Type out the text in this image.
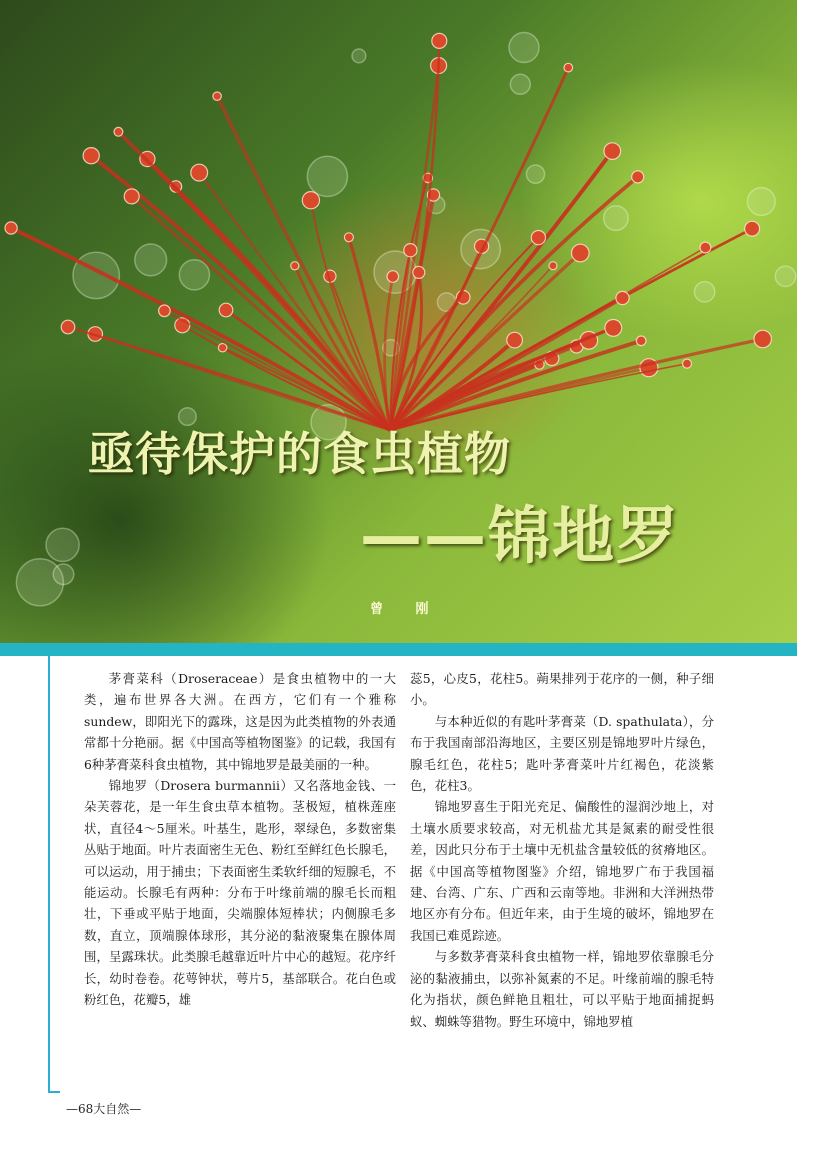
亟待保护的食虫植物
——锦地罗
曾 刚

茅膏菜科（Droseraceae）是食虫植物中的一大类，遍布世界各大洲。在西方，它们有一个雅称sundew，即阳光下的露珠，这是因为此类植物的外表通常都十分艳丽。据《中国高等植物图鉴》的记载，我国有6种茅膏菜科食虫植物，其中锦地罗是最美丽的一种。

锦地罗（Drosera burmannii）又名落地金钱、一朵芙蓉花，是一年生食虫草本植物。茎极短，植株莲座状，直径4～5厘米。叶基生，匙形，翠绿色，多数密集丛贴于地面。叶片表面密生无色、粉红至鲜红色长腺毛，可以运动，用于捕虫；下表面密生柔软纤细的短腺毛，不能运动。长腺毛有两种：分布于叶缘前端的腺毛长而粗壮，下垂或平贴于地面，尖端腺体短棒状；内侧腺毛多数，直立，顶端腺体球形，其分泌的黏液聚集在腺体周围，呈露珠状。此类腺毛越靠近叶片中心的越短。花序纤长，幼时卷卷。花萼钟状，萼片5，基部联合。花白色或粉红色，花瓣5，雄

蕊5，心皮5，花柱5。蒴果排列于花序的一侧，种子细小。

与本种近似的有匙叶茅膏菜（D. spathulata），分布于我国南部沿海地区，主要区别是锦地罗叶片绿色，腺毛红色，花柱5；匙叶茅膏菜叶片红褐色，花淡紫色，花柱3。

锦地罗喜生于阳光充足、偏酸性的湿润沙地上，对土壤水质要求较高，对无机盐尤其是氮素的耐受性很差，因此只分布于土壤中无机盐含量较低的贫瘠地区。据《中国高等植物图鉴》介绍，锦地罗广布于我国福建、台湾、广东、广西和云南等地。非洲和大洋洲热带地区亦有分布。但近年来，由于生境的破坏，锦地罗在我国已难觅踪迹。

与多数茅膏菜科食虫植物一样，锦地罗依靠腺毛分泌的黏液捕虫，以弥补氮素的不足。叶缘前端的腺毛特化为指状，颜色鲜艳且粗壮，可以平贴于地面捕捉蚂蚁、蜘蛛等猎物。野生环境中，锦地罗植

—68大自然—
